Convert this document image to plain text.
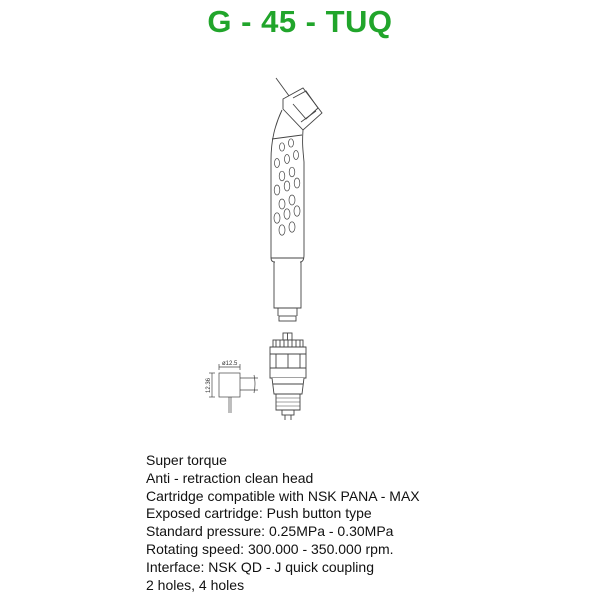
G - 45 - TUQ
ø12.5
12.36
Super torque
Anti - retraction clean head
Cartridge compatible with NSK PANA - MAX
Exposed cartridge: Push button type
Standard pressure: 0.25MPa - 0.30MPa
Rotating speed: 300.000 - 350.000 rpm.
Interface: NSK QD - J quick coupling
2 holes, 4 holes
